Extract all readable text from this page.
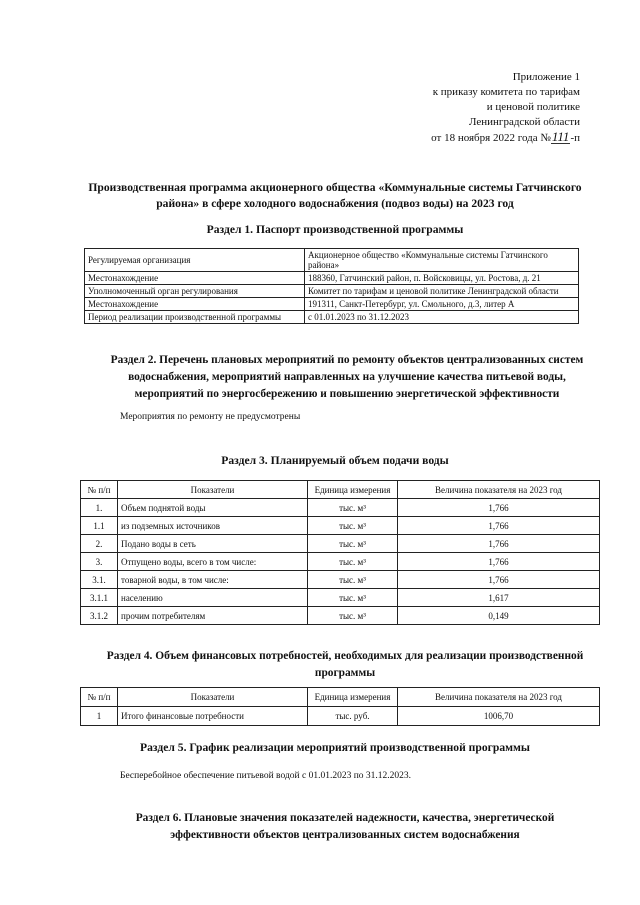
Приложение 1
к приказу комитета по тарифам
и ценовой политике
Ленинградской области
от 18 ноября 2022 года №111-п
Производственная программа акционерного общества «Коммунальные системы Гатчинского
района» в сфере холодного водоснабжения (подвоз воды) на 2023 год
Раздел 1. Паспорт производственной программы
Регулируемая организация	Акционерное общество «Коммунальные системы Гатчинского района»
Местонахождение	188360, Гатчинский район, п. Войсковицы, ул. Ростова, д. 21
Уполномоченный орган регулирования	Комитет по тарифам и ценовой политике Ленинградской области
Местонахождение	191311, Санкт-Петербург, ул. Смольного, д.3, литер А
Период реализации производственной программы	с 01.01.2023 по 31.12.2023
Раздел 2. Перечень плановых мероприятий по ремонту объектов централизованных систем
водоснабжения, мероприятий направленных на улучшение качества питьевой воды,
мероприятий по энергосбережению и повышению энергетической эффективности
Мероприятия по ремонту не предусмотрены
Раздел 3. Планируемый объем подачи воды
№ п/п	Показатели	Единица измерения	Величина показателя на 2023 год
1.	Объем поднятой воды	тыс. м³	1,766
1.1	из подземных источников	тыс. м³	1,766
2.	Подано воды в сеть	тыс. м³	1,766
3.	Отпущено воды, всего в том числе:	тыс. м³	1,766
3.1.	товарной воды, в том числе:	тыс. м³	1,766
3.1.1	населению	тыс. м³	1,617
3.1.2	прочим потребителям	тыс. м³	0,149
Раздел 4. Объем финансовых потребностей, необходимых для реализации производственной
программы
№ п/п	Показатели	Единица измерения	Величина показателя на 2023 год
1	Итого финансовые потребности	тыс. руб.	1006,70
Раздел 5. График реализации мероприятий производственной программы
Бесперебойное обеспечение питьевой водой с 01.01.2023 по 31.12.2023.
Раздел 6. Плановые значения показателей надежности, качества, энергетической
эффективности объектов централизованных систем водоснабжения
